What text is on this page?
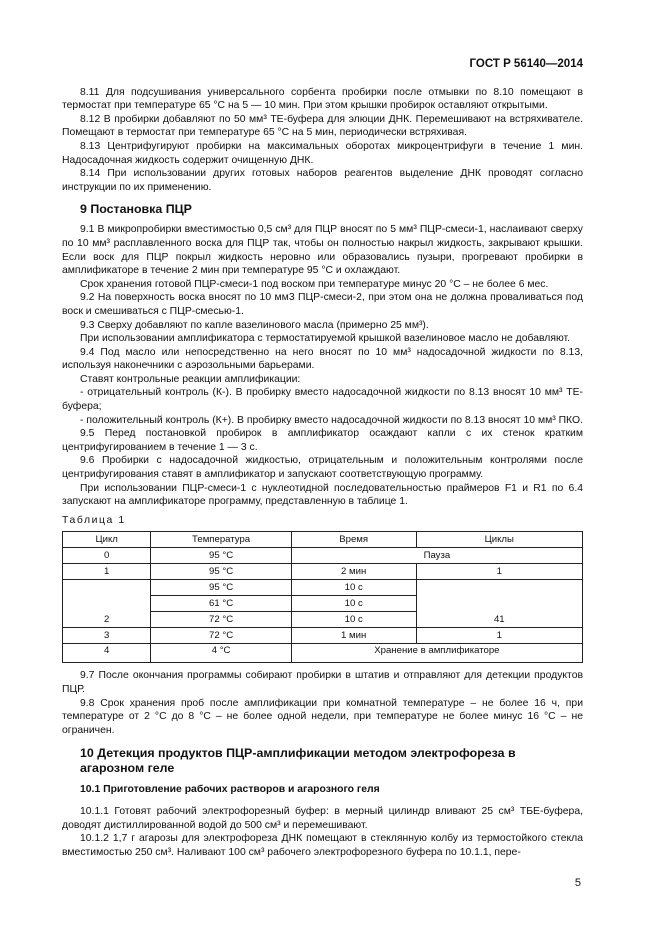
ГОСТ Р 56140—2014

8.11 Для подсушивания универсального сорбента пробирки после отмывки по 8.10 помещают в термостат при температуре 65 °С на 5 — 10 мин. При этом крышки пробирок оставляют открытыми.

8.12 В пробирки добавляют по 50 мм³ ТЕ-буфера для элюции ДНК. Перемешивают на встряхивателе. Помещают в термостат при температуре 65 °С на 5 мин, периодически встряхивая.

8.13 Центрифугируют пробирки на максимальных оборотах микроцентрифуги в течение 1 мин. Надосадочная жидкость содержит очищенную ДНК.

8.14 При использовании других готовых наборов реагентов выделение ДНК проводят согласно инструкции по их применению.

9 Постановка ПЦР

9.1 В микропробирки вместимостью 0,5 см³ для ПЦР вносят по 5 мм³ ПЦР-смеси-1, наслаивают сверху по 10 мм³ расплавленного воска для ПЦР так, чтобы он полностью накрыл жидкость, закрывают крышки. Если воск для ПЦР покрыл жидкость неровно или образовались пузыри, прогревают пробирки в амплификаторе в течение 2 мин при температуре 95 °С и охлаждают.

Срок хранения готовой ПЦР-смеси-1 под воском при температуре минус 20 °С – не более 6 мес.

9.2 На поверхность воска вносят по 10 мм3 ПЦР-смеси-2, при этом она не должна проваливаться под воск и смешиваться с ПЦР-смесью-1.

9.3 Сверху добавляют по капле вазелинового масла (примерно 25 мм³).

При использовании амплификатора с термостатируемой крышкой вазелиновое масло не добавляют.

9.4 Под масло или непосредственно на него вносят по 10 мм³ надосадочной жидкости по 8.13, используя наконечники с аэрозольными барьерами.

Ставят контрольные реакции амплификации:

- отрицательный контроль (К-). В пробирку вместо надосадочной жидкости по 8.13 вносят 10 мм³ ТЕ-буфера;

- положительный контроль (К+). В пробирку вместо надосадочной жидкости по 8.13 вносят 10 мм³ ПКО.

9.5 Перед постановкой пробирок в амплификатор осаждают капли с их стенок кратким центрифугированием в течение 1 — 3 с.

9.6 Пробирки с надосадочной жидкостью, отрицательным и положительным контролями после центрифугирования ставят в амплификатор и запускают соответствующую программу.

При использовании ПЦР-смеси-1 с нуклеотидной последовательностью праймеров F1 и R1 по 6.4 запускают на амплификаторе программу, представленную в таблице 1.

Таблица 1
Цикл	Температура	Время	Циклы
0	95 °С	Пауза	
1	95 °С	2 мин	1
2	95 °С	10 с	41
	61 °С	10 с	
	72 °С	10 с	
3	72 °С	1 мин	1
4	4 °С	Хранение в амплификаторе	

9.7 После окончания программы собирают пробирки в штатив и отправляют для детекции продуктов ПЦР.

9.8 Срок хранения проб после амплификации при комнатной температуре – не более 16 ч, при температуре от 2 °С до 8 °С – не более одной недели, при температуре не более минус 16 °С – не ограничен.

10 Детекция продуктов ПЦР-амплификации методом электрофореза в агарозном геле
10.1 Приготовление рабочих растворов и агарозного геля

10.1.1 Готовят рабочий электрофорезный буфер: в мерный цилиндр вливают 25 см³ ТБЕ-буфера, доводят дистиллированной водой до 500 см³ и перемешивают.

10.1.2 1,7 г агарозы для электрофореза ДНК помещают в стеклянную колбу из термостойкого стекла вместимостью 250 см³. Наливают 100 см³ рабочего электрофорезного буфера по 10.1.1, пере-

5
